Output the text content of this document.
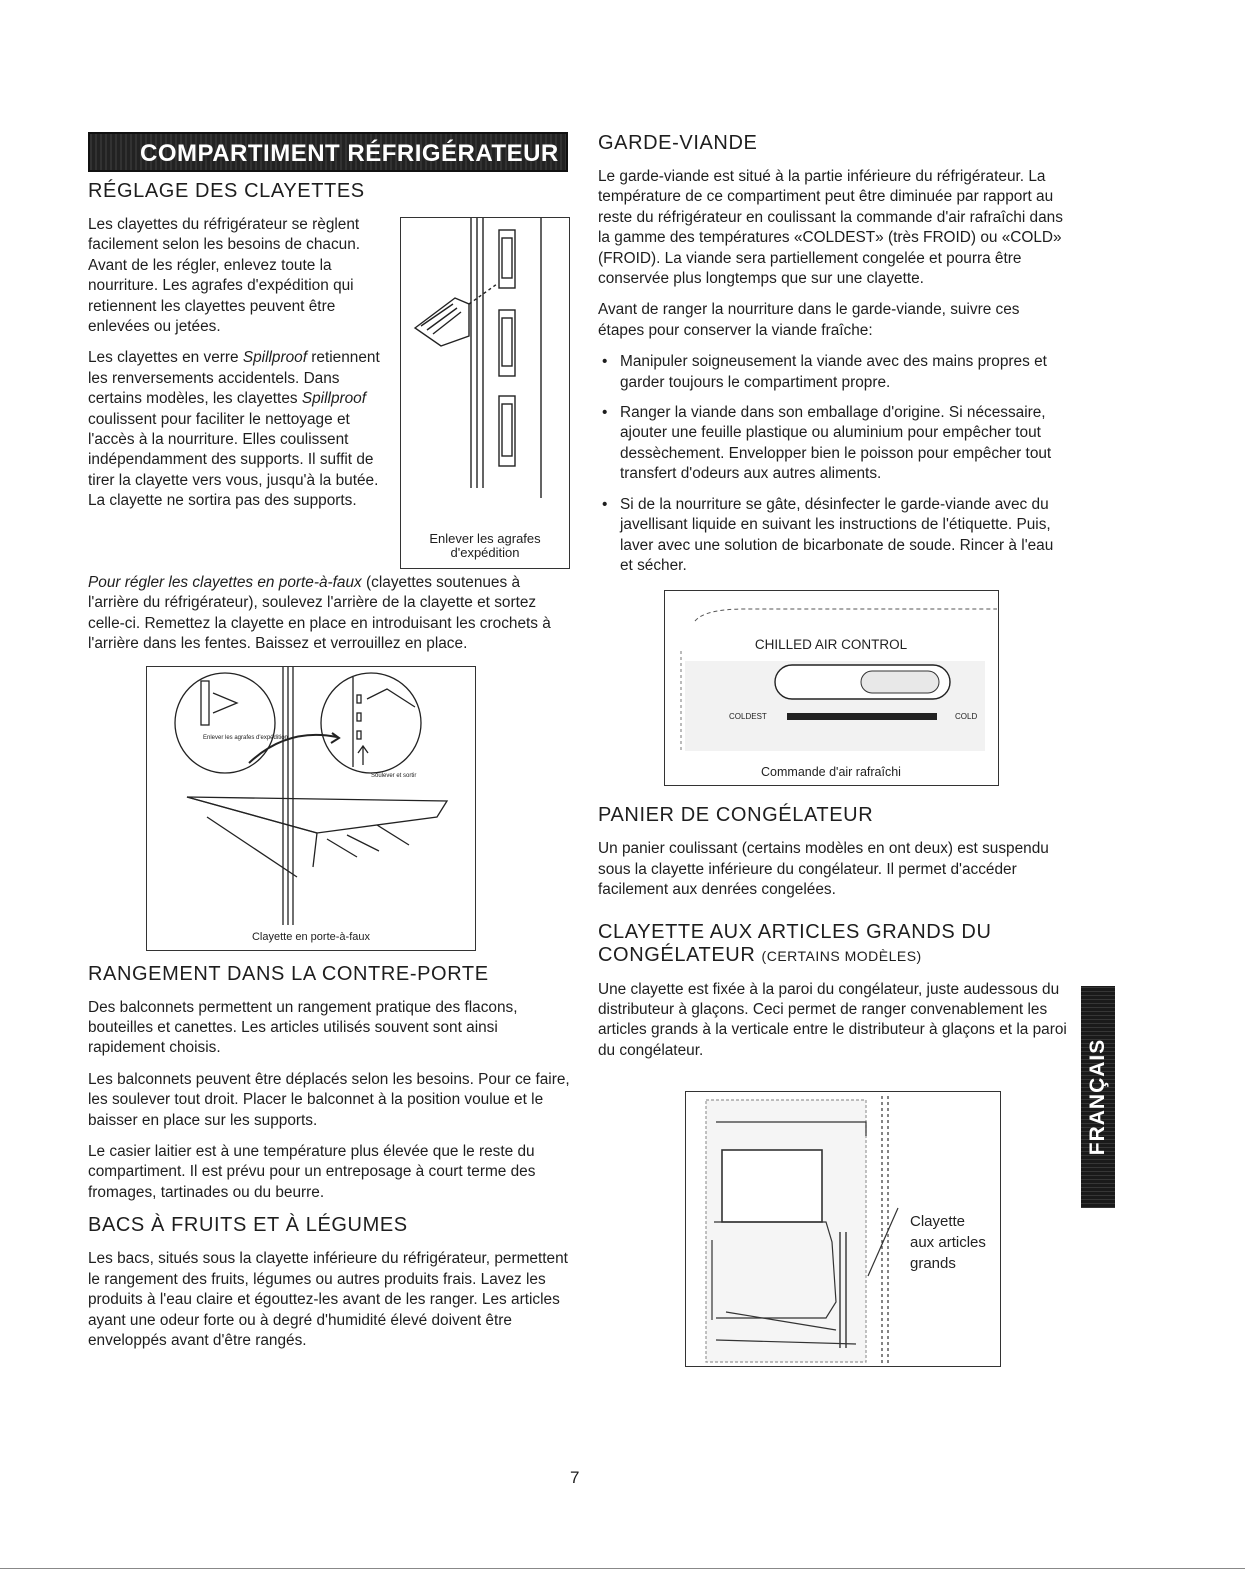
COMPARTIMENT RÉFRIGÉRATEUR
RÉGLAGE DES CLAYETTES
Enlever les agrafes d'expédition

Les clayettes du réfrigérateur se règlent facilement selon les besoins de chacun. Avant de les régler, enlevez toute la nourriture. Les agrafes d'expédition qui retiennent les clayettes peuvent être enlevées ou jetées.

Les clayettes en verre Spillproof retiennent les renversements accidentels. Dans certains modèles, les clayettes Spillproof coulissent pour faciliter le nettoyage et l'accès à la nourriture. Elles coulissent indépendamment des supports. Il suffit de tirer la clayette vers vous, jusqu'à la butée. La clayette ne sortira pas des supports.

Pour régler les clayettes en porte-à-faux (clayettes soutenues à l'arrière du réfrigérateur), soulevez l'arrière de la clayette et sortez celle-ci. Remettez la clayette en place en introduisant les crochets à l'arrière dans les fentes. Baissez et verrouillez en place.

Enlever les agrafes d'expédition
Soulever et sortir
Clayette en porte-à-faux
RANGEMENT DANS LA CONTRE-PORTE

Des balconnets permettent un rangement pratique des flacons, bouteilles et canettes. Les articles utilisés souvent sont ainsi rapidement choisis.

Les balconnets peuvent être déplacés selon les besoins. Pour ce faire, les soulever tout droit. Placer le balconnet à la position voulue et le baisser en place sur les supports.

Le casier laitier est à une température plus élevée que le reste du compartiment. Il est prévu pour un entreposage à court terme des fromages, tartinades ou du beurre.

BACS À FRUITS ET À LÉGUMES

Les bacs, situés sous la clayette inférieure du réfrigérateur, permettent le rangement des fruits, légumes ou autres produits frais. Lavez les produits à l'eau claire et égouttez-les avant de les ranger. Les articles ayant une odeur forte ou à degré d'humidité élevé doivent être enveloppés avant d'être rangés.

GARDE-VIANDE

Le garde-viande est situé à la partie inférieure du réfrigérateur. La température de ce compartiment peut être diminuée par rapport au reste du réfrigérateur en coulissant la commande d'air rafraîchi dans la gamme des températures «COLDEST» (très FROID) ou «COLD» (FROID). La viande sera partiellement congelée et pourra être conservée plus longtemps que sur une clayette.

Avant de ranger la nourriture dans le garde-viande, suivre ces étapes pour conserver la viande fraîche:

• Manipuler soigneusement la viande avec des mains propres et garder toujours le compartiment propre.
• Ranger la viande dans son emballage d'origine. Si nécessaire, ajouter une feuille plastique ou aluminium pour empêcher tout dessèchement. Envelopper bien le poisson pour empêcher tout transfert d'odeurs aux autres aliments.
• Si de la nourriture se gâte, désinfecter le garde-viande avec du javellisant liquide en suivant les instructions de l'étiquette. Puis, laver avec une solution de bicarbonate de soude. Rincer à l'eau et sécher.
CHILLED AIR CONTROL
COLDEST	COLD
Commande d'air rafraîchi
PANIER DE CONGÉLATEUR

Un panier coulissant (certains modèles en ont deux) est suspendu sous la clayette inférieure du congélateur. Il permet d'accéder facilement aux denrées congelées.

CLAYETTE AUX ARTICLES GRANDS DU
CONGÉLATEUR (CERTAINS MODÈLES)

Une clayette est fixée à la paroi du congélateur, juste audessous du distributeur à glaçons. Ceci permet de ranger convenablement les articles grands à la verticale entre le distributeur à glaçons et la paroi du congélateur.

Clayette
aux articles
grands
FRANÇAIS
7
